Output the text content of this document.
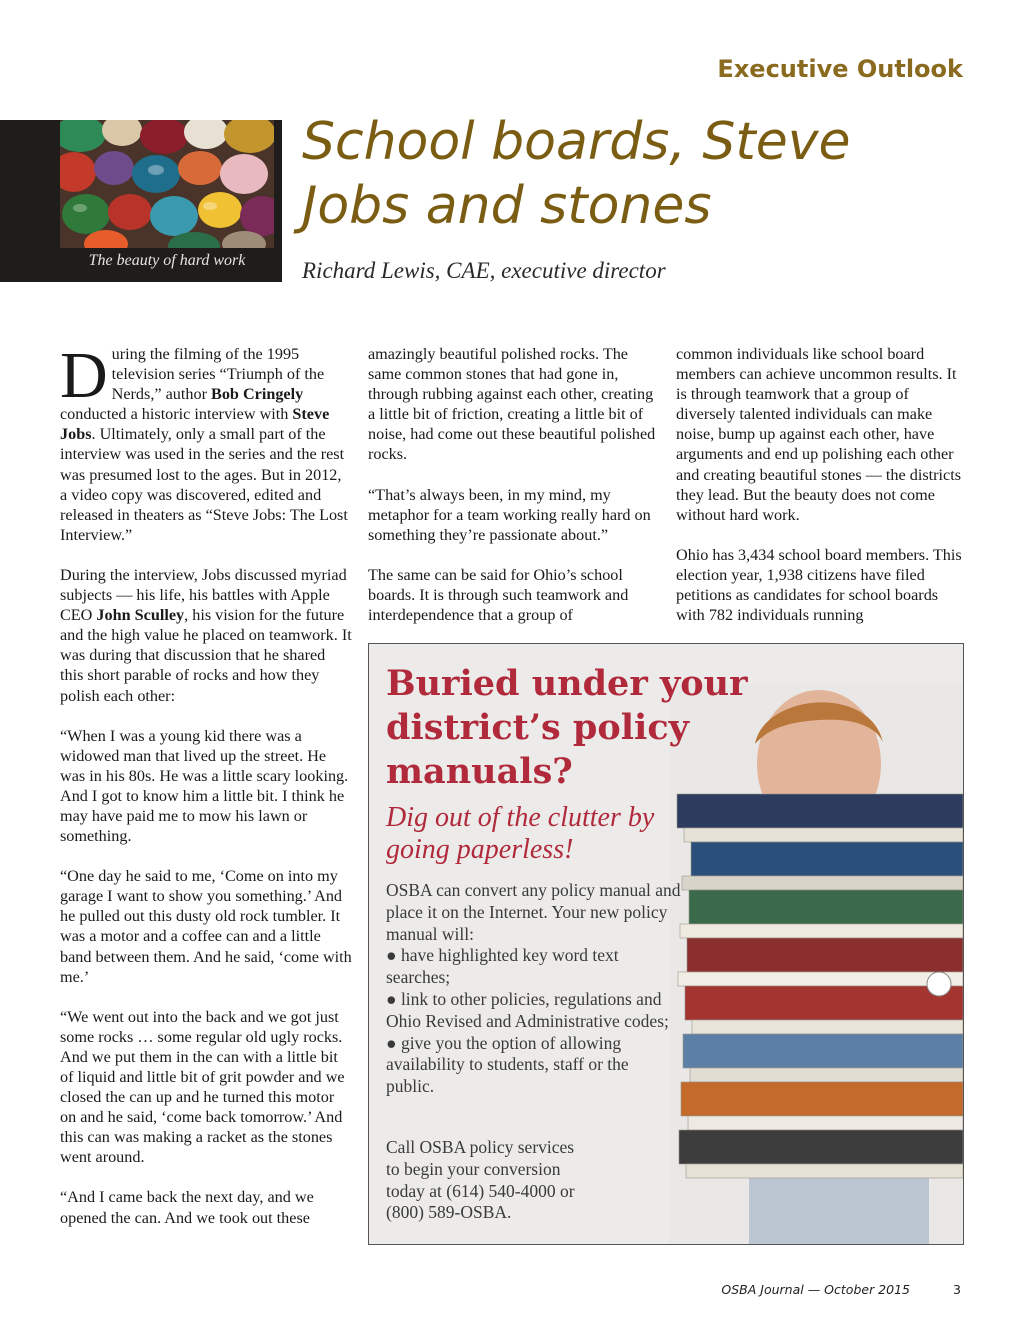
Executive Outlook
The beauty of hard work
School boards, Steve Jobs and stones
Richard Lewis, CAE, executive director

During the filming of the 1995 television series “Triumph of the Nerds,” author Bob Cringely conducted a historic interview with Steve Jobs. Ultimately, only a small part of the interview was used in the series and the rest was presumed lost to the ages. But in 2012, a video copy was discovered, edited and released in theaters as “Steve Jobs: The Lost Interview.”

During the interview, Jobs discussed myriad subjects — his life, his battles with Apple CEO John Sculley, his vision for the future and the high value he placed on teamwork. It was during that discussion that he shared this short parable of rocks and how they polish each other:

“When I was a young kid there was a widowed man that lived up the street. He was in his 80s. He was a little scary looking. And I got to know him a little bit. I think he may have paid me to mow his lawn or something.

“One day he said to me, ‘Come on into my garage I want to show you something.’ And he pulled out this dusty old rock tumbler. It was a motor and a coffee can and a little band between them. And he said, ‘come with me.’

“We went out into the back and we got just some rocks … some regular old ugly rocks. And we put them in the can with a little bit of liquid and little bit of grit powder and we closed the can up and he turned this motor on and he said, ‘come back tomorrow.’ And this can was making a racket as the stones went around.

“And I came back the next day, and we opened the can. And we took out these

amazingly beautiful polished rocks. The same common stones that had gone in, through rubbing against each other, creating a little bit of friction, creating a little bit of noise, had come out these beautiful polished rocks.

“That’s always been, in my mind, my metaphor for a team working really hard on something they’re passionate about.”

The same can be said for Ohio’s school boards. It is through such teamwork and interdependence that a group of

common individuals like school board members can achieve uncommon results. It is through teamwork that a group of diversely talented individuals can make noise, bump up against each other, have arguments and end up polishing each other and creating beautiful stones — the districts they lead. But the beauty does not come without hard work.

Ohio has 3,434 school board members. This election year, 1,938 citizens have filed petitions as candidates for school boards with 782 individuals running

Buried under your district’s policy manuals?
Dig out of the clutter by going paperless!

OSBA can convert any policy manual and place it on the Internet. Your new policy manual will:

● have highlighted key word text searches;
● link to other policies, regulations and Ohio Revised and Administrative codes;
● give you the option of allowing availability to students, staff or the public.
Call OSBA policy services to begin your conversion today at (614) 540-4000 or (800) 589-OSBA.
OSBA Journal — October 2015	3
